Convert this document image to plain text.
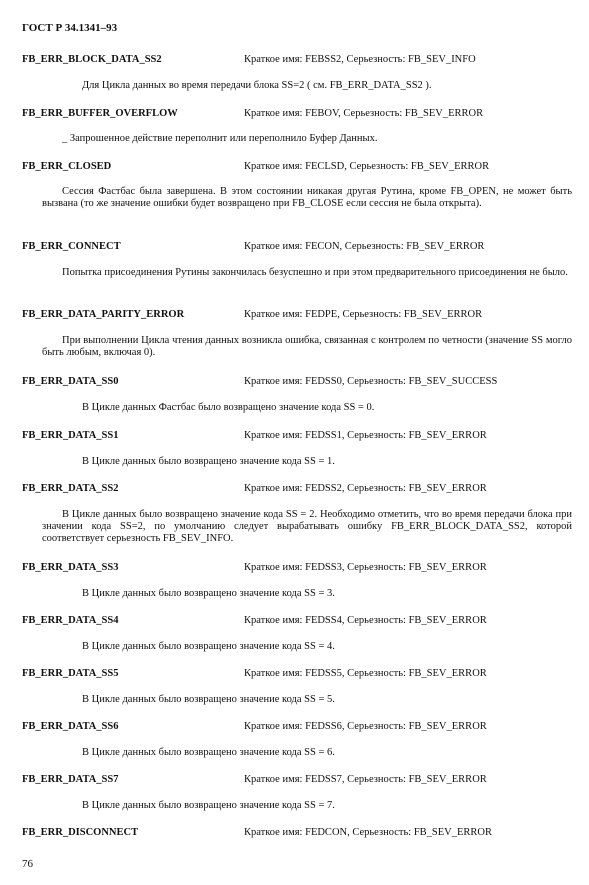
ГОСТ Р 34.1341–93
FB_ERR_BLOCK_DATA_SS2	Краткое имя: FEBSS2, Серьезность: FB_SEV_INFO
Для Цикла данных во время передачи блока SS=2 ( см. FB_ERR_DATA_SS2 ).
FB_ERR_BUFFER_OVERFLOW	Краткое имя: FEBOV, Серьезность: FB_SEV_ERROR
_ Запрошенное действие переполнит или переполнило Буфер Данных.
FB_ERR_CLOSED	Краткое имя: FECLSD, Серьезность: FB_SEV_ERROR
Сессия Фастбас была завершена. В этом состоянии никакая другая Рутина, кроме FB_OPEN, не может быть вызвана (то же значение ошибки будет возвращено при FB_CLOSE если сессия не была открыта).
FB_ERR_CONNECT	Краткое имя: FECON, Серьезность: FB_SEV_ERROR
Попытка присоединения Рутины закончилась безуспешно и при этом предварительного присоединения не было.
FB_ERR_DATA_PARITY_ERROR	Краткое имя: FEDPE, Серьезность: FB_SEV_ERROR
При выполнении Цикла чтения данных возникла ошибка, связанная с контролем по четности (значение SS могло быть любым, включая 0).
FB_ERR_DATA_SS0	Краткое имя: FEDSS0, Серьезность: FB_SEV_SUCCESS
В Цикле данных Фастбас было возвращено значение кода SS = 0.
FB_ERR_DATA_SS1	Краткое имя: FEDSS1, Серьезность: FB_SEV_ERROR
В Цикле данных было возвращено значение кода SS = 1.
FB_ERR_DATA_SS2	Краткое имя: FEDSS2, Серьезность: FB_SEV_ERROR
В Цикле данных было возвращено значение кода SS = 2. Необходимо отметить, что во время передачи блока при значении кода SS=2, по умолчанию следует вырабатывать ошибку FB_ERR_BLOCK_DATA_SS2, которой соответствует серьезность FB_SEV_INFO.
FB_ERR_DATA_SS3	Краткое имя: FEDSS3, Серьезность: FB_SEV_ERROR
В Цикле данных было возвращено значение кода SS = 3.
FB_ERR_DATA_SS4	Краткое имя: FEDSS4, Серьезность: FB_SEV_ERROR
В Цикле данных было возвращено значение кода SS = 4.
FB_ERR_DATA_SS5	Краткое имя: FEDSS5, Серьезность: FB_SEV_ERROR
В Цикле данных было возвращено значение кода SS = 5.
FB_ERR_DATA_SS6	Краткое имя: FEDSS6, Серьезность: FB_SEV_ERROR
В Цикле данных было возвращено значение кода SS = 6.
FB_ERR_DATA_SS7	Краткое имя: FEDSS7, Серьезность: FB_SEV_ERROR
В Цикле данных было возвращено значение кода SS = 7.
FB_ERR_DISCONNECT	Краткое имя: FEDCON, Серьезность: FB_SEV_ERROR
76
